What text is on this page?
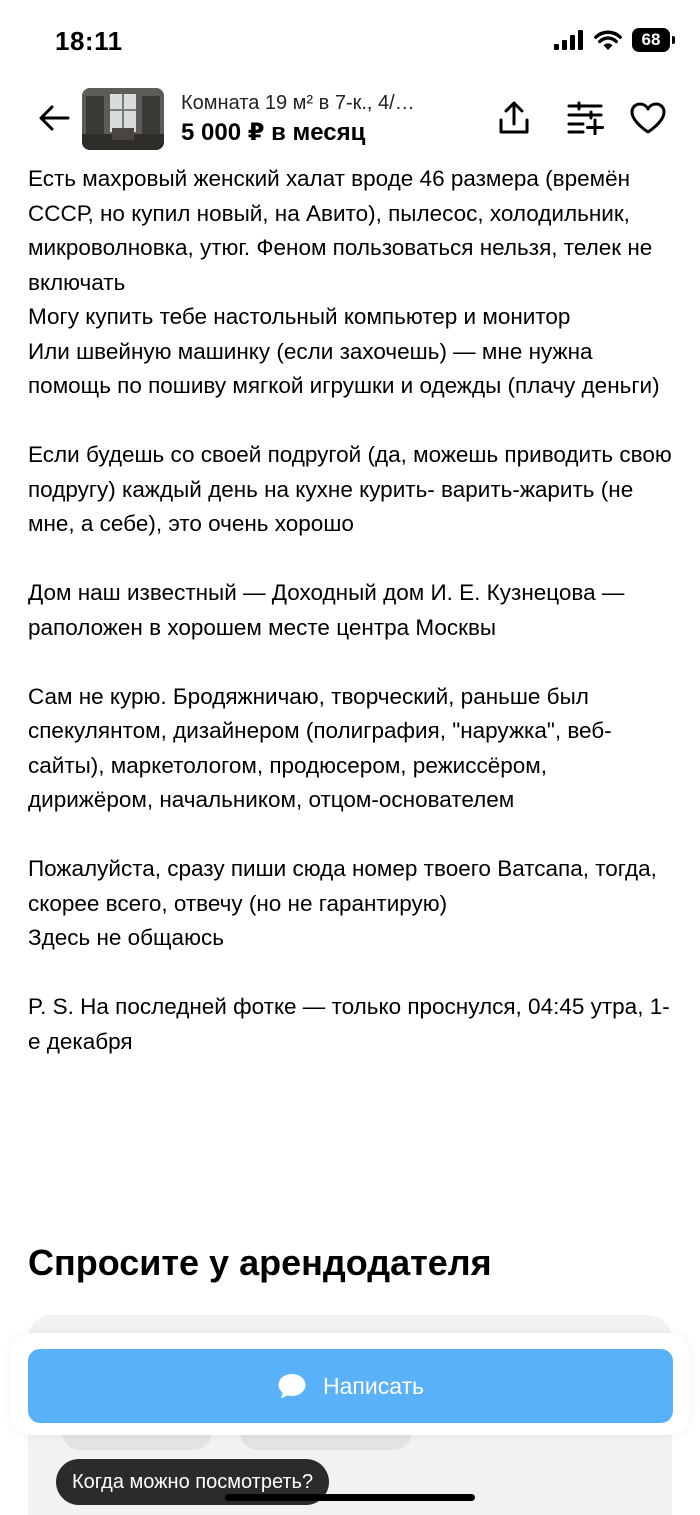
18:11	68
Комната 19 м² в 7-к., 4/…
5 000 ₽ в месяц

Есть махровый женский халат вроде 46 размера (времён СССР, но купил новый, на Авито), пылесос, холодильник, микроволновка, утюг. Феном пользоваться нельзя, телек не включать

Могу купить тебе настольный компьютер и монитор

Или швейную машинку (если захочешь) — мне нужна помощь по пошиву мягкой игрушки и одежды (плачу деньги)

Если будешь со своей подругой (да, можешь приводить свою подругу) каждый день на кухне курить- варить-жарить (не мне, а себе), это очень хорошо

Дом наш известный — Доходный дом И. Е. Кузнецова — раположен в хорошем месте центра Москвы

Сам не курю. Бродяжничаю, творческий, раньше был спекулянтом, дизайнером (полиграфия, "наружка", веб-сайты), маркетологом, продюсером, режиссёром, дирижёром, начальником, отцом-основателем

Пожалуйста, сразу пиши сюда номер твоего Ватсапа, тогда, скорее всего, отвечу (но не гарантирую)

Здесь не общаюсь

P. S. На последней фотке — только проснулся, 04:45 утра, 1-е декабря

Спросите у арендодателя
Написать
Когда можно посмотреть?
